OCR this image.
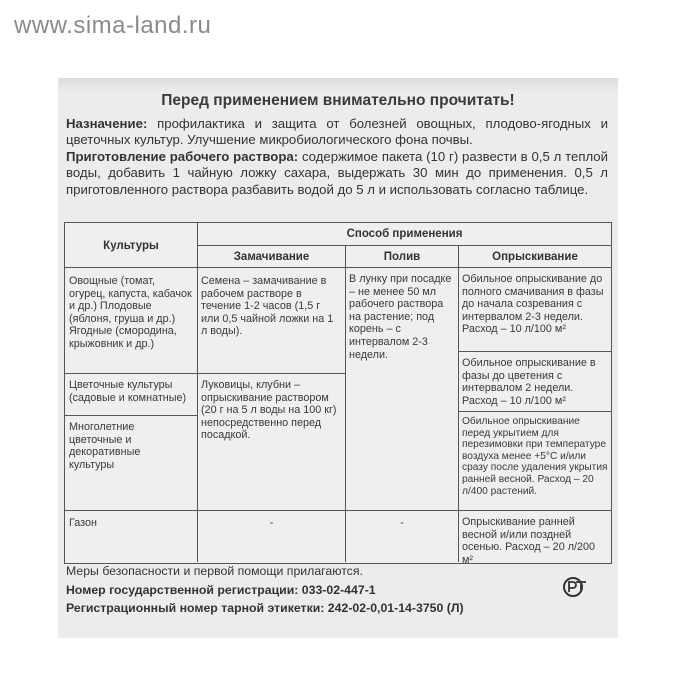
www.sima-land.ru
Перед применением внимательно прочитать!
Назначение: профилактика и защита от болезней овощных, плодово-ягодных и цветочных культур. Улучшение микробиологического фона почвы.
Приготовление рабочего раствора: содержимое пакета (10 г) развести в 0,5 л теплой воды, добавить 1 чайную ложку сахара, выдержать 30 мин до применения. 0,5 л приготовленного раствора разбавить водой до 5 л и использовать согласно таблице.
Культуры
Способ применения
Замачивание	Полив	Опрыскивание
Овощные (томат, огурец, капуста, кабачок и др.) Плодовые (яблоня, груша и др.) Ягодные (смородина, крыжовник и др.)
Цветочные культуры (садовые и комнатные)
Многолетние цветочные и декоративные культуры
Газон
Семена – замачивание в рабочем растворе в течение 1-2 часов (1,5 г или 0,5 чайной ложки на 1 л воды).
Луковицы, клубни – опрыскивание раствором (20 г на 5 л воды на 100 кг) непосредственно перед посадкой.
-
В лунку при посадке – не менее 50 мл рабочего раствора на растение; под корень – с интервалом 2-3 недели.
-
Обильное опрыскивание до полного смачивания в фазы до начала созревания с интервалом 2-3 недели. Расход – 10 л/100 м²
Обильное опрыскивание в фазы до цветения с интервалом 2 недели. Расход – 10 л/100 м²
Обильное опрыскивание перед укрытием для перезимовки при температуре воздуха менее +5°С и/или сразу после удаления укрытия ранней весной. Расход – 20 л/400 растений.
Опрыскивание ранней весной и/или поздней осенью. Расход – 20 л/200 м²
Меры безопасности и первой помощи прилагаются.
Номер государственной регистрации: 033-02-447-1
Регистрационный номер тарной этикетки: 242-02-0,01-14-3750 (Л)
